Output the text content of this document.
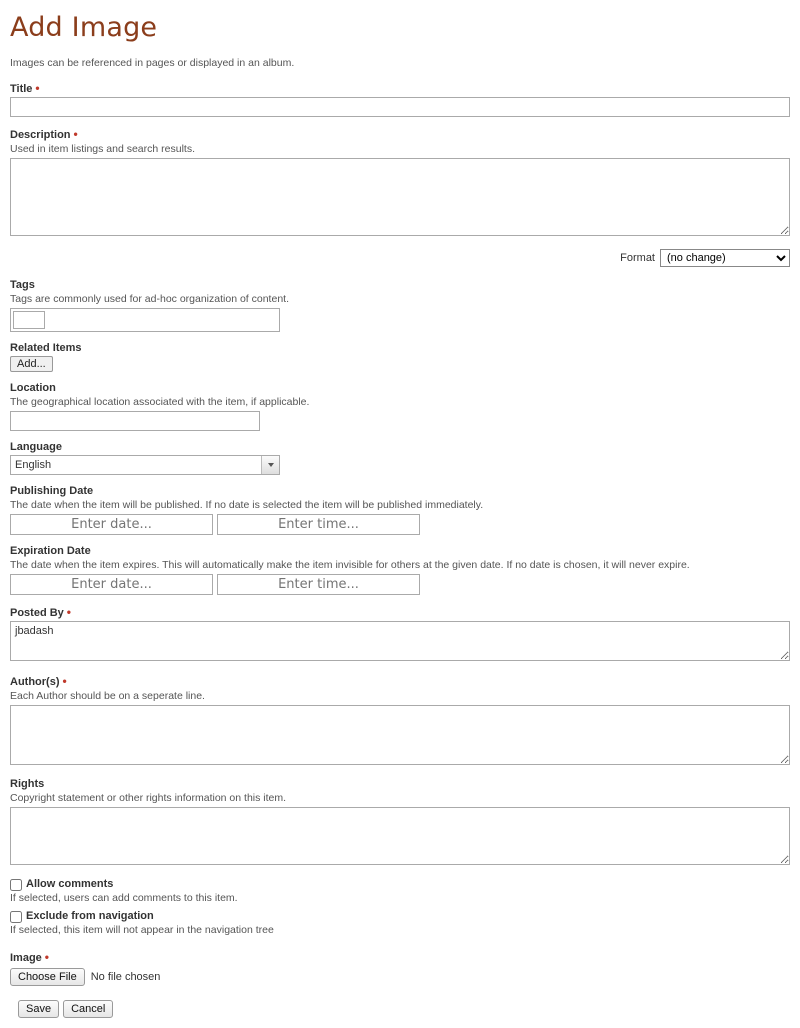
Add Image
Images can be referenced in pages or displayed in an album.
Title •
Description •
Used in item listings and search results.
Format
(no change)
Tags
Tags are commonly used for ad-hoc organization of content.
Related Items
Add...
Location
The geographical location associated with the item, if applicable.
Language
English
Publishing Date
The date when the item will be published. If no date is selected the item will be published immediately.
Enter date...
Enter time...
Expiration Date
The date when the item expires. This will automatically make the item invisible for others at the given date. If no date is chosen, it will never expire.
Enter date...
Enter time...
Posted By •
jbadash
Author(s) •
Each Author should be on a seperate line.
Rights
Copyright statement or other rights information on this item.
Allow comments
If selected, users can add comments to this item.
Exclude from navigation
If selected, this item will not appear in the navigation tree
Image •
Choose File	No file chosen
Save	Cancel
